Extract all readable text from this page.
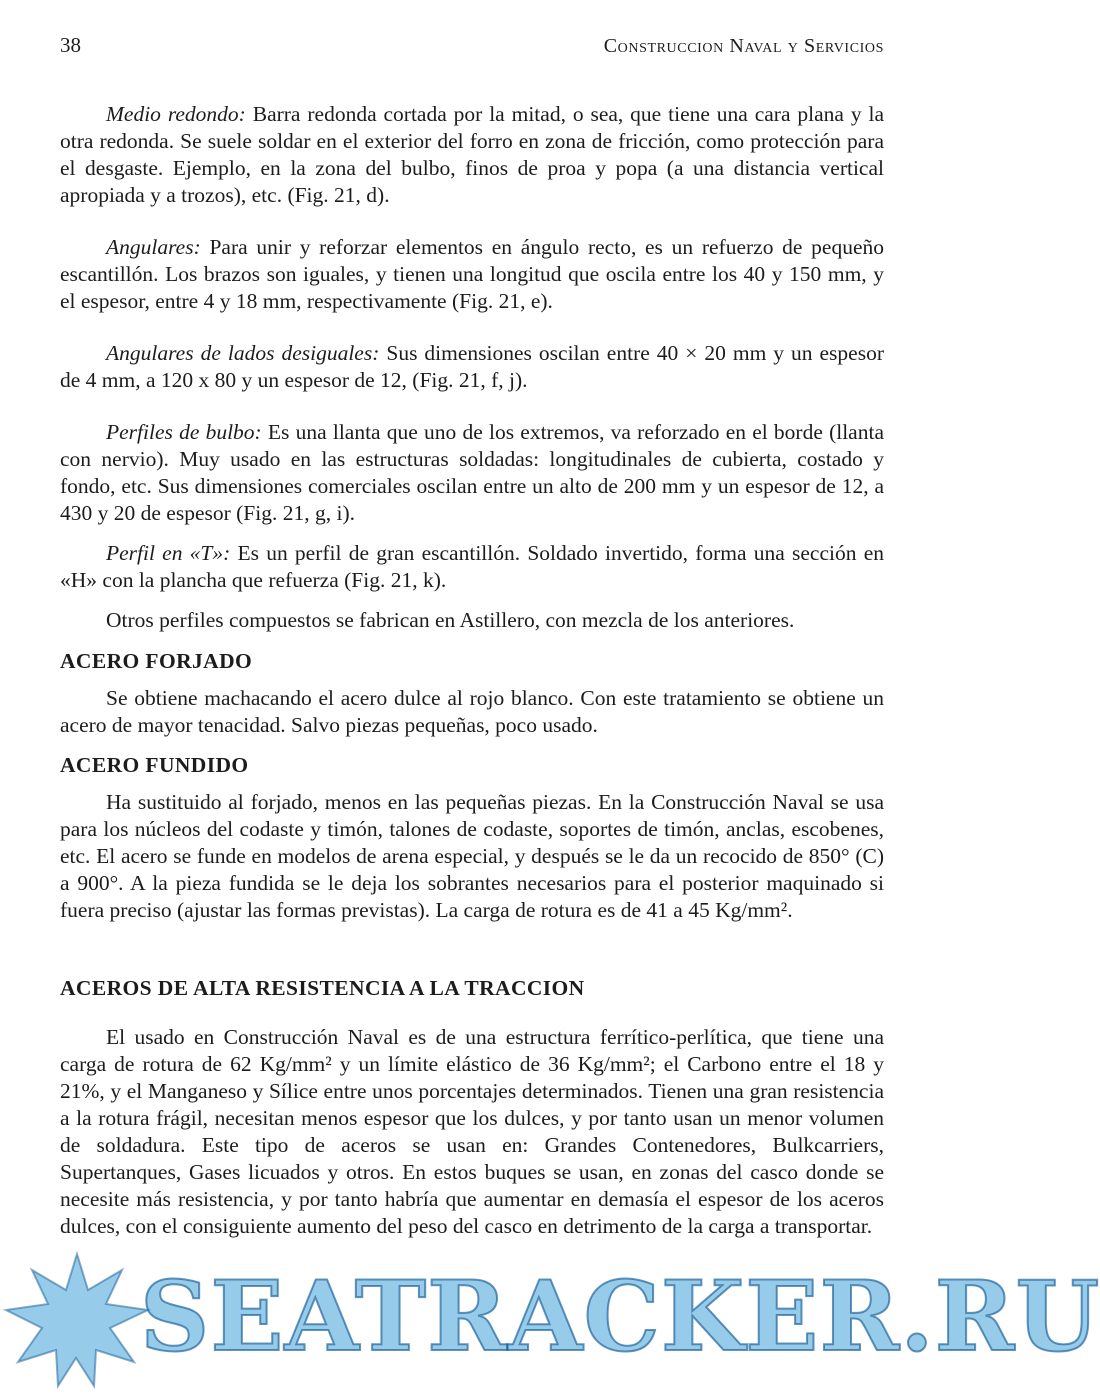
38	Construccion Naval y Servicios

Medio redondo: Barra redonda cortada por la mitad, o sea, que tiene una cara plana y la otra redonda. Se suele soldar en el exterior del forro en zona de fricción, como protección para el desgaste. Ejemplo, en la zona del bulbo, finos de proa y popa (a una distancia vertical apropiada y a trozos), etc. (Fig. 21, d).

Angulares: Para unir y reforzar elementos en ángulo recto, es un refuerzo de pequeño escantillón. Los brazos son iguales, y tienen una longitud que oscila entre los 40 y 150 mm, y el espesor, entre 4 y 18 mm, respectivamente (Fig. 21, e).

Angulares de lados desiguales: Sus dimensiones oscilan entre 40 × 20 mm y un espesor de 4 mm, a 120 x 80 y un espesor de 12, (Fig. 21, f, j).

Perfiles de bulbo: Es una llanta que uno de los extremos, va reforzado en el borde (llanta con nervio). Muy usado en las estructuras soldadas: longitudinales de cubierta, costado y fondo, etc. Sus dimensiones comerciales oscilan entre un alto de 200 mm y un espesor de 12, a 430 y 20 de espesor (Fig. 21, g, i).

Perfil en «T»: Es un perfil de gran escantillón. Soldado invertido, forma una sección en «H» con la plancha que refuerza (Fig. 21, k).

Otros perfiles compuestos se fabrican en Astillero, con mezcla de los anteriores.

ACERO FORJADO

Se obtiene machacando el acero dulce al rojo blanco. Con este tratamiento se obtiene un acero de mayor tenacidad. Salvo piezas pequeñas, poco usado.

ACERO FUNDIDO

Ha sustituido al forjado, menos en las pequeñas piezas. En la Construcción Naval se usa para los núcleos del codaste y timón, talones de codaste, soportes de timón, anclas, escobenes, etc. El acero se funde en modelos de arena especial, y después se le da un recocido de 850° (C) a 900°. A la pieza fundida se le deja los sobrantes necesarios para el posterior maquinado si fuera preciso (ajustar las formas previstas). La carga de rotura es de 41 a 45 Kg/mm².

ACEROS DE ALTA RESISTENCIA A LA TRACCION

El usado en Construcción Naval es de una estructura ferrítico-perlítica, que tiene una carga de rotura de 62 Kg/mm² y un límite elástico de 36 Kg/mm²; el Carbono entre el 18 y 21%, y el Manganeso y Sílice entre unos porcentajes determinados. Tienen una gran resistencia a la rotura frágil, necesitan menos espesor que los dulces, y por tanto usan un menor volumen de soldadura. Este tipo de aceros se usan en: Grandes Contenedores, Bulkcarriers, Supertanques, Gases licuados y otros. En estos buques se usan, en zonas del casco donde se necesite más resistencia, y por tanto habría que aumentar en demasía el espesor de los aceros dulces, con el consiguiente aumento del peso del casco en detrimento de la carga a transportar.

SEATRACKER.RU
